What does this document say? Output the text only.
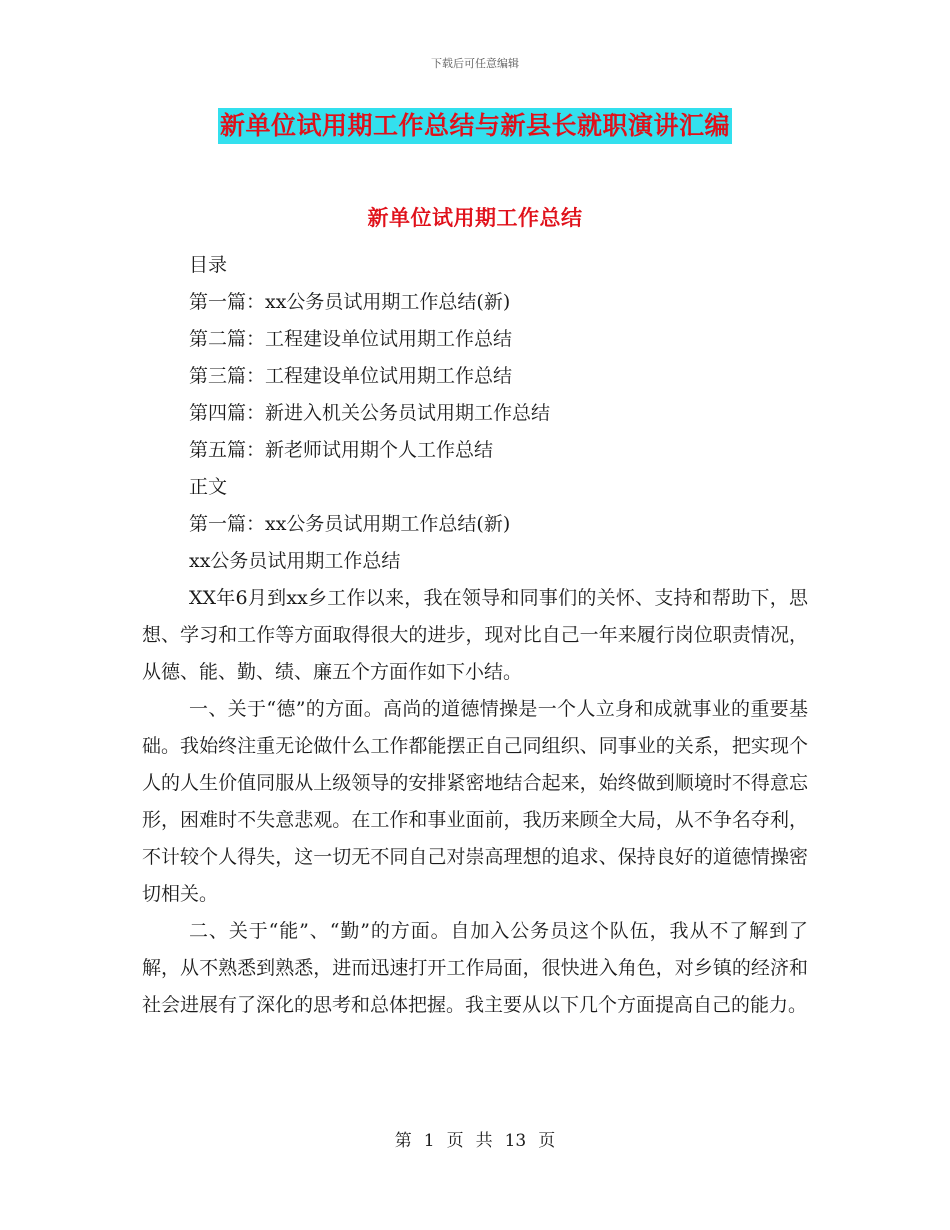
下载后可任意编辑
新单位试用期工作总结与新县长就职演讲汇编
新单位试用期工作总结

目录

第一篇：xx公务员试用期工作总结(新)

第二篇：工程建设单位试用期工作总结

第三篇：工程建设单位试用期工作总结

第四篇：新进入机关公务员试用期工作总结

第五篇：新老师试用期个人工作总结

正文

第一篇：xx公务员试用期工作总结(新)

xx公务员试用期工作总结

XX年6月到xx乡工作以来，我在领导和同事们的关怀、支持和帮助下，思想、学习和工作等方面取得很大的进步，现对比自己一年来履行岗位职责情况，从德、能、勤、绩、廉五个方面作如下小结。

一、关于“德”的方面。高尚的道德情操是一个人立身和成就事业的重要基础。我始终注重无论做什么工作都能摆正自己同组织、同事业的关系，把实现个人的人生价值同服从上级领导的安排紧密地结合起来，始终做到顺境时不得意忘形，困难时不失意悲观。在工作和事业面前，我历来顾全大局，从不争名夺利，不计较个人得失，这一切无不同自己对崇高理想的追求、保持良好的道德情操密切相关。

二、关于“能”、“勤”的方面。自加入公务员这个队伍，我从不了解到了解，从不熟悉到熟悉，进而迅速打开工作局面，很快进入角色，对乡镇的经济和社会进展有了深化的思考和总体把握。我主要从以下几个方面提高自己的能力。

第 1 页 共 13 页
